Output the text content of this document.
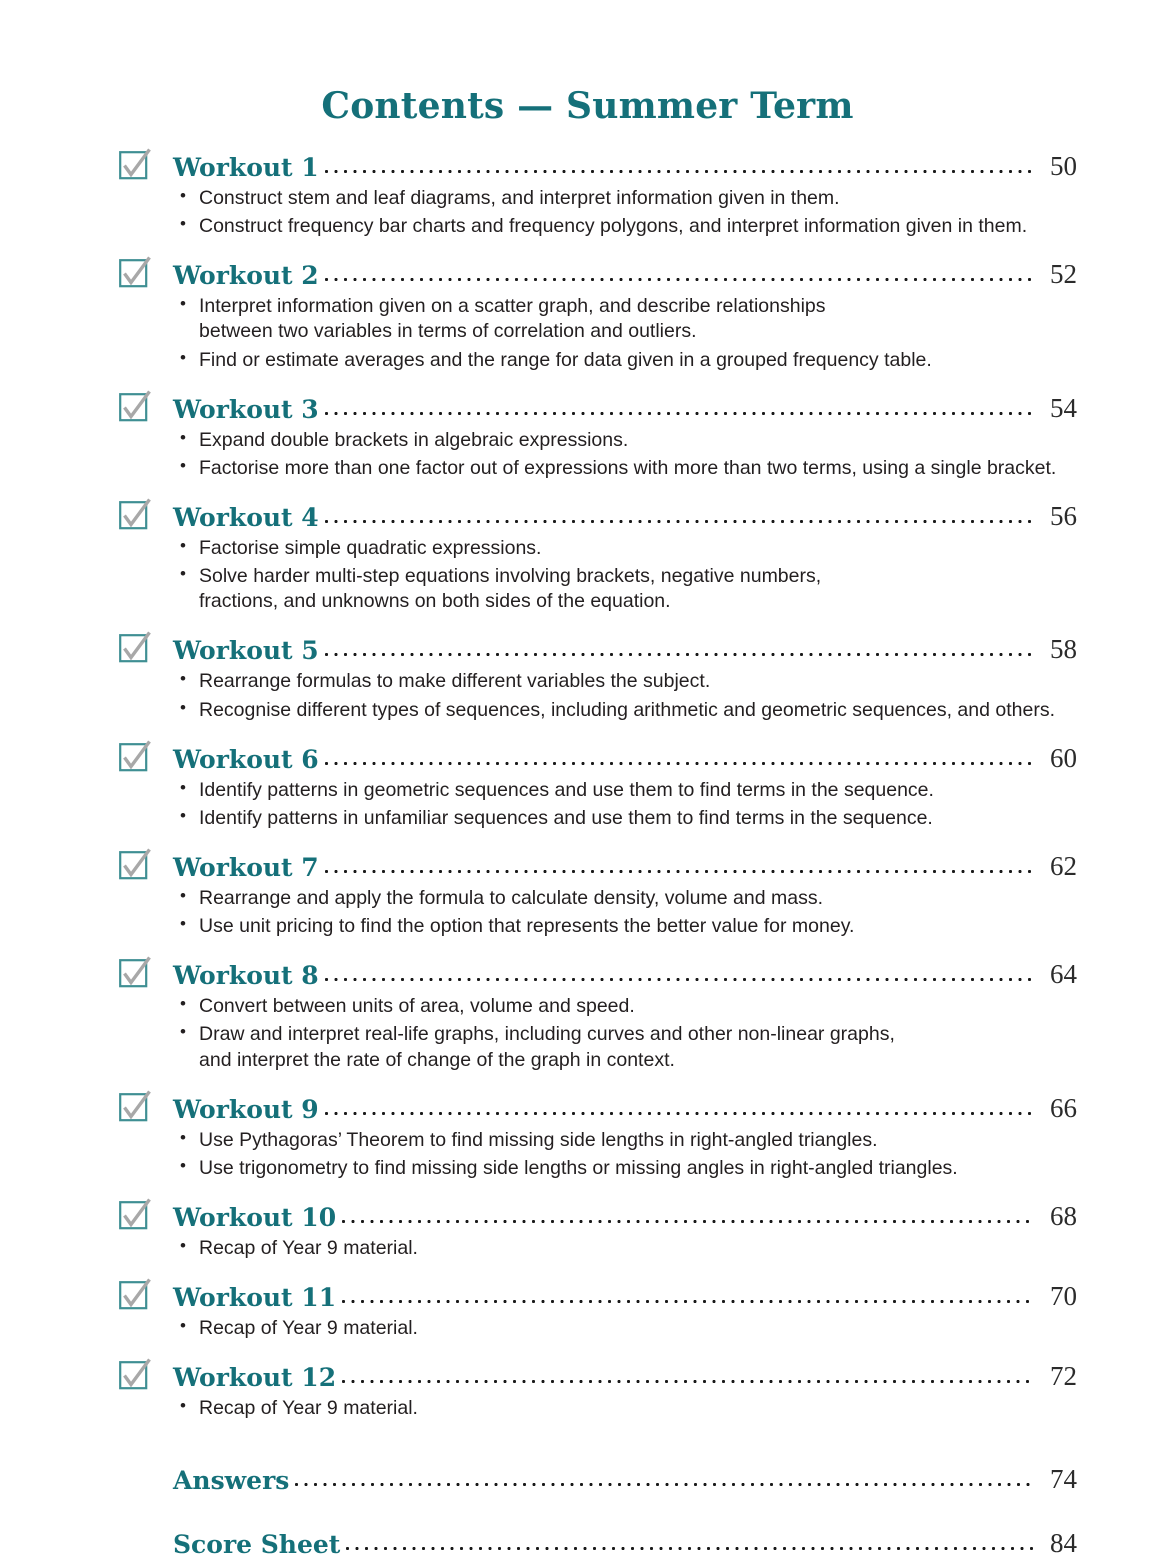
Contents — Summer Term
Workout 1	50
• Construct stem and leaf diagrams, and interpret information given in them.
• Construct frequency bar charts and frequency polygons, and interpret information given in them.
Workout 2	52
• Interpret information given on a scatter graph, and describe relationships
between two variables in terms of correlation and outliers.
• Find or estimate averages and the range for data given in a grouped frequency table.
Workout 3	54
• Expand double brackets in algebraic expressions.
• Factorise more than one factor out of expressions with more than two terms, using a single bracket.
Workout 4	56
• Factorise simple quadratic expressions.
• Solve harder multi-step equations involving brackets, negative numbers,
fractions, and unknowns on both sides of the equation.
Workout 5	58
• Rearrange formulas to make different variables the subject.
• Recognise different types of sequences, including arithmetic and geometric sequences, and others.
Workout 6	60
• Identify patterns in geometric sequences and use them to find terms in the sequence.
• Identify patterns in unfamiliar sequences and use them to find terms in the sequence.
Workout 7	62
• Rearrange and apply the formula to calculate density, volume and mass.
• Use unit pricing to find the option that represents the better value for money.
Workout 8	64
• Convert between units of area, volume and speed.
• Draw and interpret real-life graphs, including curves and other non-linear graphs,
and interpret the rate of change of the graph in context.
Workout 9	66
• Use Pythagoras’ Theorem to find missing side lengths in right-angled triangles.
• Use trigonometry to find missing side lengths or missing angles in right-angled triangles.
Workout 10	68
• Recap of Year 9 material.
Workout 11	70
• Recap of Year 9 material.
Workout 12	72
• Recap of Year 9 material.
Answers	74
Score Sheet	84
